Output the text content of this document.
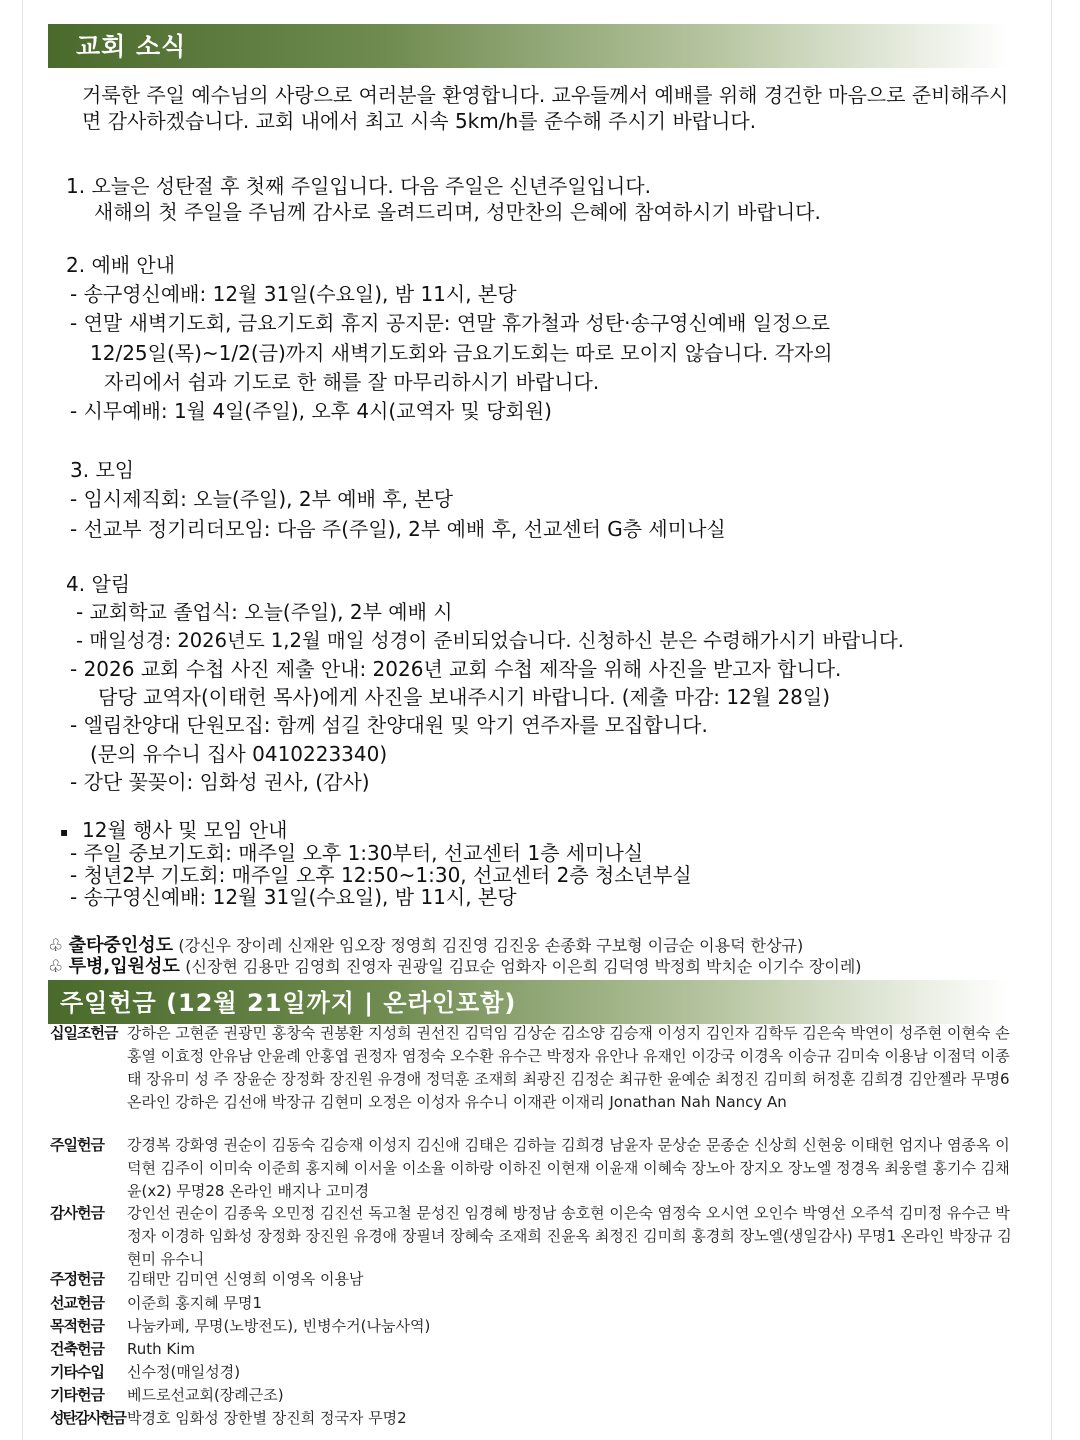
교회 소식
거룩한 주일 예수님의 사랑으로 여러분을 환영합니다. 교우들께서 예배를 위해 경건한 마음으로 준비해주시면 감사하겠습니다. 교회 내에서 최고 시속 5km/h를 준수해 주시기 바랍니다.
1. 오늘은 성탄절 후 첫째 주일입니다. 다음 주일은 신년주일입니다.
새해의 첫 주일을 주님께 감사로 올려드리며, 성만찬의 은혜에 참여하시기 바랍니다.
2. 예배 안내
- 송구영신예배: 12월 31일(수요일), 밤 11시, 본당
- 연말 새벽기도회, 금요기도회 휴지 공지문: 연말 휴가철과 성탄·송구영신예배 일정으로
12/25일(목)~1/2(금)까지 새벽기도회와 금요기도회는 따로 모이지 않습니다. 각자의
자리에서 쉼과 기도로 한 해를 잘 마무리하시기 바랍니다.
- 시무예배: 1월 4일(주일), 오후 4시(교역자 및 당회원)
3. 모임
- 임시제직회: 오늘(주일), 2부 예배 후, 본당
- 선교부 정기리더모임: 다음 주(주일), 2부 예배 후, 선교센터 G층 세미나실
4. 알림
- 교회학교 졸업식: 오늘(주일), 2부 예배 시
- 매일성경: 2026년도 1,2월 매일 성경이 준비되었습니다. 신청하신 분은 수령해가시기 바랍니다.
- 2026 교회 수첩 사진 제출 안내: 2026년 교회 수첩 제작을 위해 사진을 받고자 합니다.
담당 교역자(이태헌 목사)에게 사진을 보내주시기 바랍니다. (제출 마감: 12월 28일)
- 엘림찬양대 단원모집: 함께 섬길 찬양대원 및 악기 연주자를 모집합니다.
(문의 유수니 집사 0410223340)
- 강단 꽃꽂이: 임화성 권사, (감사)
▪ 12월 행사 및 모임 안내
- 주일 중보기도회: 매주일 오후 1:30부터, 선교센터 1층 세미나실
- 청년2부 기도회: 매주일 오후 12:50~1:30, 선교센터 2층 청소년부실
- 송구영신예배: 12월 31일(수요일), 밤 11시, 본당
♧ 출타중인성도 (강신우 장이레 신재완 임오장 정영희 김진영 김진웅 손종화 구보형 이금순 이용덕 한상규)
♧ 투병,입원성도 (신장현 김용만 김영희 진영자 권광일 김묘순 엄화자 이은희 김덕영 박정희 박치순 이기수 장이레)
주일헌금 (12월 21일까지 | 온라인포함)
십일조헌금 강하은 고현준 권광민 홍창숙 권봉환 지성희 권선진 김덕임 김상순 김소양 김승재 이성지 김인자 김학두 김은숙 박연이 성주현 이현숙 손홍열 이효정 안유남 안윤례 안홍엽 권정자 염정숙 오수환 유수근 박정자 유안나 유재인 이강국 이경옥 이승규 김미숙 이용남 이점덕 이종태 장유미 성 주 장윤순 장정화 장진원 유경애 정덕훈 조재희 최광진 김정순 최규한 윤예순 최정진 김미희 허정훈 김희경 김안젤라 무명6 온라인 강하은 김선애 박장규 김현미 오정은 이성자 유수니 이재관 이재리 Jonathan Nah Nancy An
주일헌금	강경복 강화영 권순이 김동숙 김승재 이성지 김신애 김태은 김하늘 김희경 남윤자 문상순 문종순 신상희 신현웅 이태헌 엄지나 염종옥 이덕현 김주이 이미숙 이준희 홍지혜 이서울 이소율 이하랑 이하진 이현재 이윤재 이혜숙 장노아 장지오 장노엘 정경옥 최웅렬 홍기수 김채윤(x2) 무명28 온라인 배지나 고미경
감사헌금	강인선 권순이 김종욱 오민정 김진선 독고철 문성진 임경혜 방정남 송호현 이은숙 염정숙 오시연 오인수 박영선 오주석 김미정 유수근 박정자 이경하 임화성 장정화 장진원 유경애 장필녀 장혜숙 조재희 진윤옥 최정진 김미희 홍경희 장노엘(생일감사) 무명1 온라인 박장규 김현미 유수니
주정헌금	김태만 김미연 신영희 이영옥 이용남
선교헌금	이준희 홍지혜 무명1
목적헌금	나눔카페, 무명(노방전도), 빈병수거(나눔사역)
건축헌금	Ruth Kim
기타수입	신수정(매일성경)
기타헌금	베드로선교회(장례근조)
성탄감사헌금 박경호 임화성 장한별 장진희 정국자 무명2
